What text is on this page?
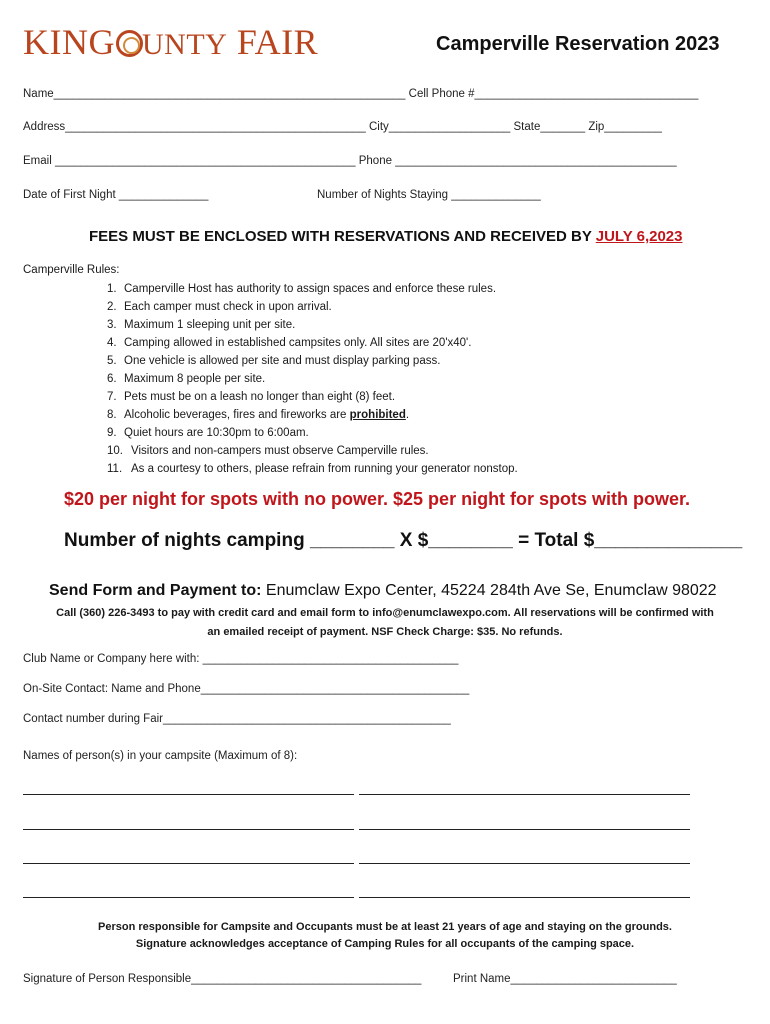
KING UNTY FAIR	Camperville Reservation 2023
Name_______________________________________________________ Cell Phone #___________________________________
Address_______________________________________________ City___________________ State_______ Zip_________
Email _______________________________________________ Phone ____________________________________________
Date of First Night ______________	Number of Nights Staying ______________
FEES MUST BE ENCLOSED WITH RESERVATIONS AND RECEIVED BY JULY 6,2023
Camperville Rules:
1. Camperville Host has authority to assign spaces and enforce these rules.
2. Each camper must check in upon arrival.
3. Maximum 1 sleeping unit per site.
4. Camping allowed in established campsites only. All sites are 20'x40'.
5. One vehicle is allowed per site and must display parking pass.
6. Maximum 8 people per site.
7. Pets must be on a leash no longer than eight (8) feet.
8. Alcoholic beverages, fires and fireworks are prohibited.
9. Quiet hours are 10:30pm to 6:00am.
10. Visitors and non-campers must observe Camperville rules.
11. As a courtesy to others, please refrain from running your generator nonstop.
$20 per night for spots with no power. $25 per night for spots with power.
Number of nights camping ________ X $________ = Total $______________
Send Form and Payment to: Enumclaw Expo Center, 45224 284th Ave Se, Enumclaw 98022
Call (360) 226-3493 to pay with credit card and email form to info@enumclawexpo.com. All reservations will be confirmed with
an emailed receipt of payment. NSF Check Charge: $35. No refunds.
Club Name or Company here with: ________________________________________
On-Site Contact: Name and Phone__________________________________________
Contact number during Fair_____________________________________________
Names of person(s) in your campsite (Maximum of 8):
Person responsible for Campsite and Occupants must be at least 21 years of age and staying on the grounds.
Signature acknowledges acceptance of Camping Rules for all occupants of the camping space.
Signature of Person Responsible____________________________________	Print Name__________________________
